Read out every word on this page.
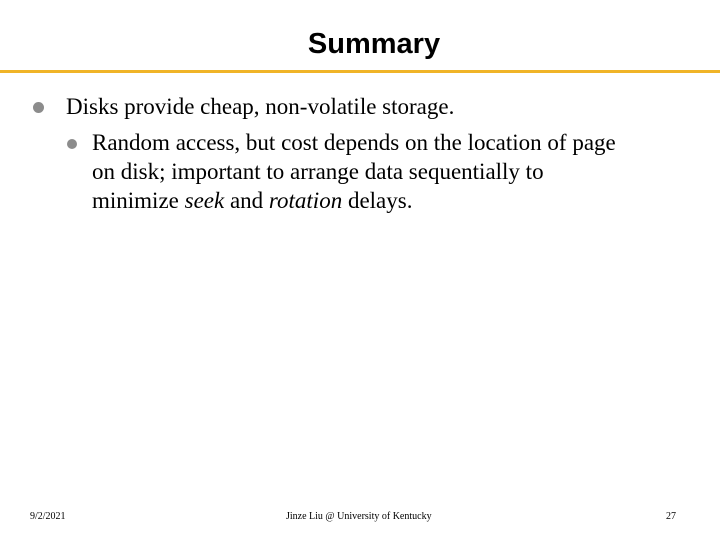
Summary
Disks provide cheap, non-volatile storage.
Random access, but cost depends on the location of page
on disk; important to arrange data sequentially to
minimize seek and rotation delays.
9/2/2021	Jinze Liu @ University of Kentucky	27
